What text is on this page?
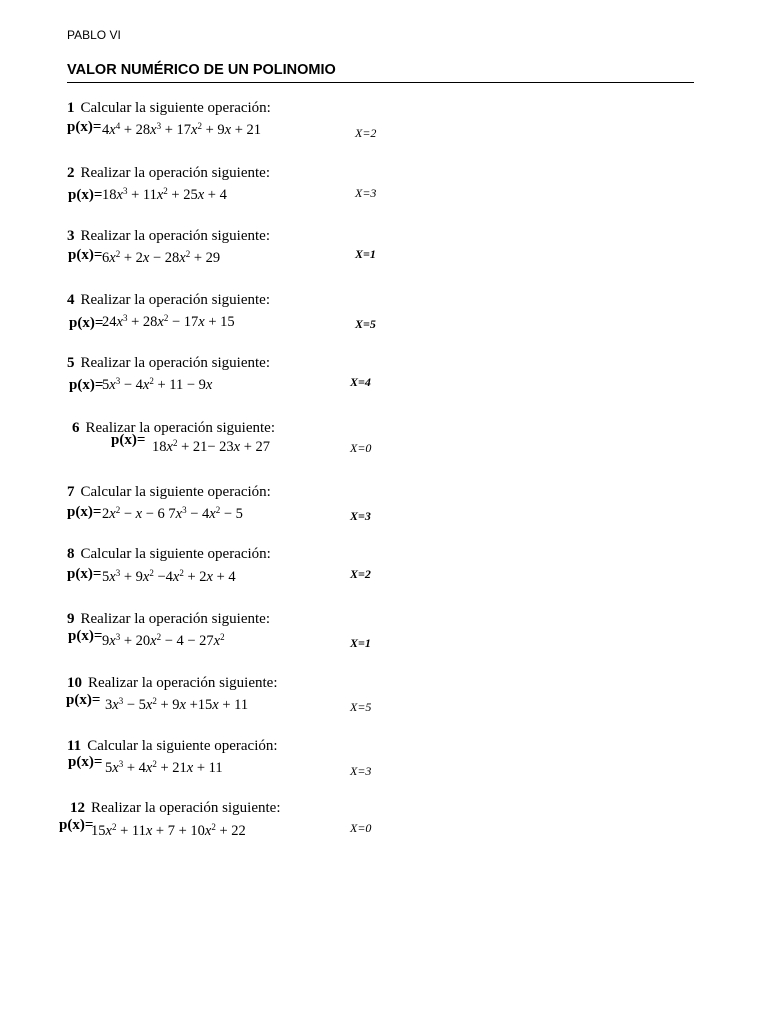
PABLO VI
VALOR NUMÉRICO DE UN POLINOMIO
1 Calcular la siguiente operación:
$p(x)= 4x^4 + 28x^3 + 17x^2 + 9x + 21$	X=2
2 Realizar la operación siguiente:
$p(x)= 18x^3 + 11x^2 + 25x + 4$	X=3
3 Realizar la operación siguiente:
$p(x)= 6x^2 + 2x - 28x^2 + 29$	X=1
4 Realizar la operación siguiente:
p(x)=
$24x^3 + 28x^2 - 17x + 15$	X=5
5 Realizar la operación siguiente:
p(x)=
$5x^3 - 4x^2 + 11 - 9x$	X=4
6 Realizar la operación siguiente:
$p(x)= 18x^2 + 21- 23x + 27$	X=0
7 Calcular la siguiente operación:
$p(x)= 2x^2 - x - 6$ $7x^3 - 4x^2 - 5$	X=3
8 Calcular la siguiente operación:
$p(x)= 5x^3 + 9x^2 -4x^2 + 2x + 4$	X=2
9 Realizar la operación siguiente:
$p(x)= 9x^3 + 20x^2 - 4 - 27x^2$	X=1
10 Realizar la operación siguiente:
$p(x)= 3x^3 - 5x^2 + 9x +15x + 11$	X=5
11 Calcular la siguiente operación:
$p(x)= 5x^3 + 4x^2 + 21x + 11$	X=3
12 Realizar la operación siguiente:
p(x)=
$15x^2 + 11x + 7 + 10x^2 + 22$	X=0
